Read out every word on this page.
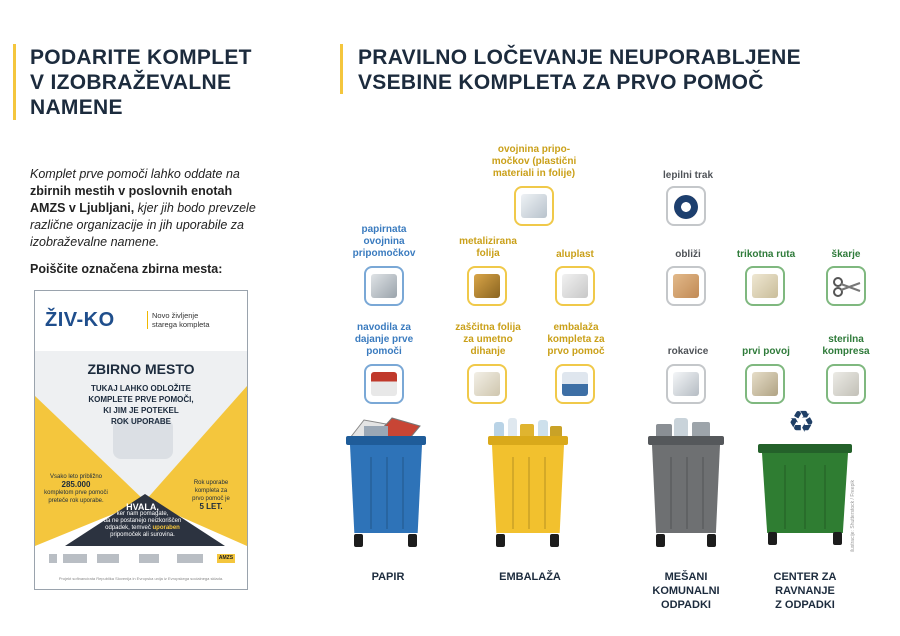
PODARITE KOMPLET
V IZOBRAŽEVALNE
NAMENE
Komplet prve pomoči lahko oddate na
zbirnih mestih v poslovnih enotah
AMZS v Ljubljani, kjer jih bodo prevzele
različne organizacije in jih uporabile za
izobraževalne namene.
Poiščite označena zbirna mesta:
ŽIV-KO	Novo življenje
starega kompleta
ZBIRNO MESTO
TUKAJ LAHKO ODLOŽITE
KOMPLETE PRVE POMOČI,
KI JIM JE POTEKEL
ROK UPORABE
Vsako leto približno
285.000
kompletom prve pomoči
preteče rok uporabe.
Rok uporabe
kompleta za
prvo pomoč je
5 LET.
HVALA,
ker nam pomagate,
da ne postanejo neizkoriščen
odpadek, temveč uporaben
pripomoček ali surovina.
AMZS
Projekt sofinancirata Republika Slovenija in Evropska unija iz Evropskega socialnega sklada.
PRAVILNO LOČEVANJE NEUPORABLJENE
VSEBINE KOMPLETA ZA PRVO POMOČ
papirnata
ovojnina
pripomočkov
navodila za
dajanje prve
pomoči
ovojnina pripo-
močkov (plastični
materiali in folije)
metalizirana
folija	aluplast
zaščitna folija
za umetno
dihanje
embalaža
kompleta za
prvo pomoč
lepilni trak
obliži
rokavice
trikotna ruta	škarje
prvi povoj
sterilna
kompresa
♻
ilustracije: Shutterstock / Freepik
PAPIR	EMBALAŽA	MEŠANI
KOMUNALNI
ODPADKI
CENTER ZA
RAVNANJE
Z ODPADKI
